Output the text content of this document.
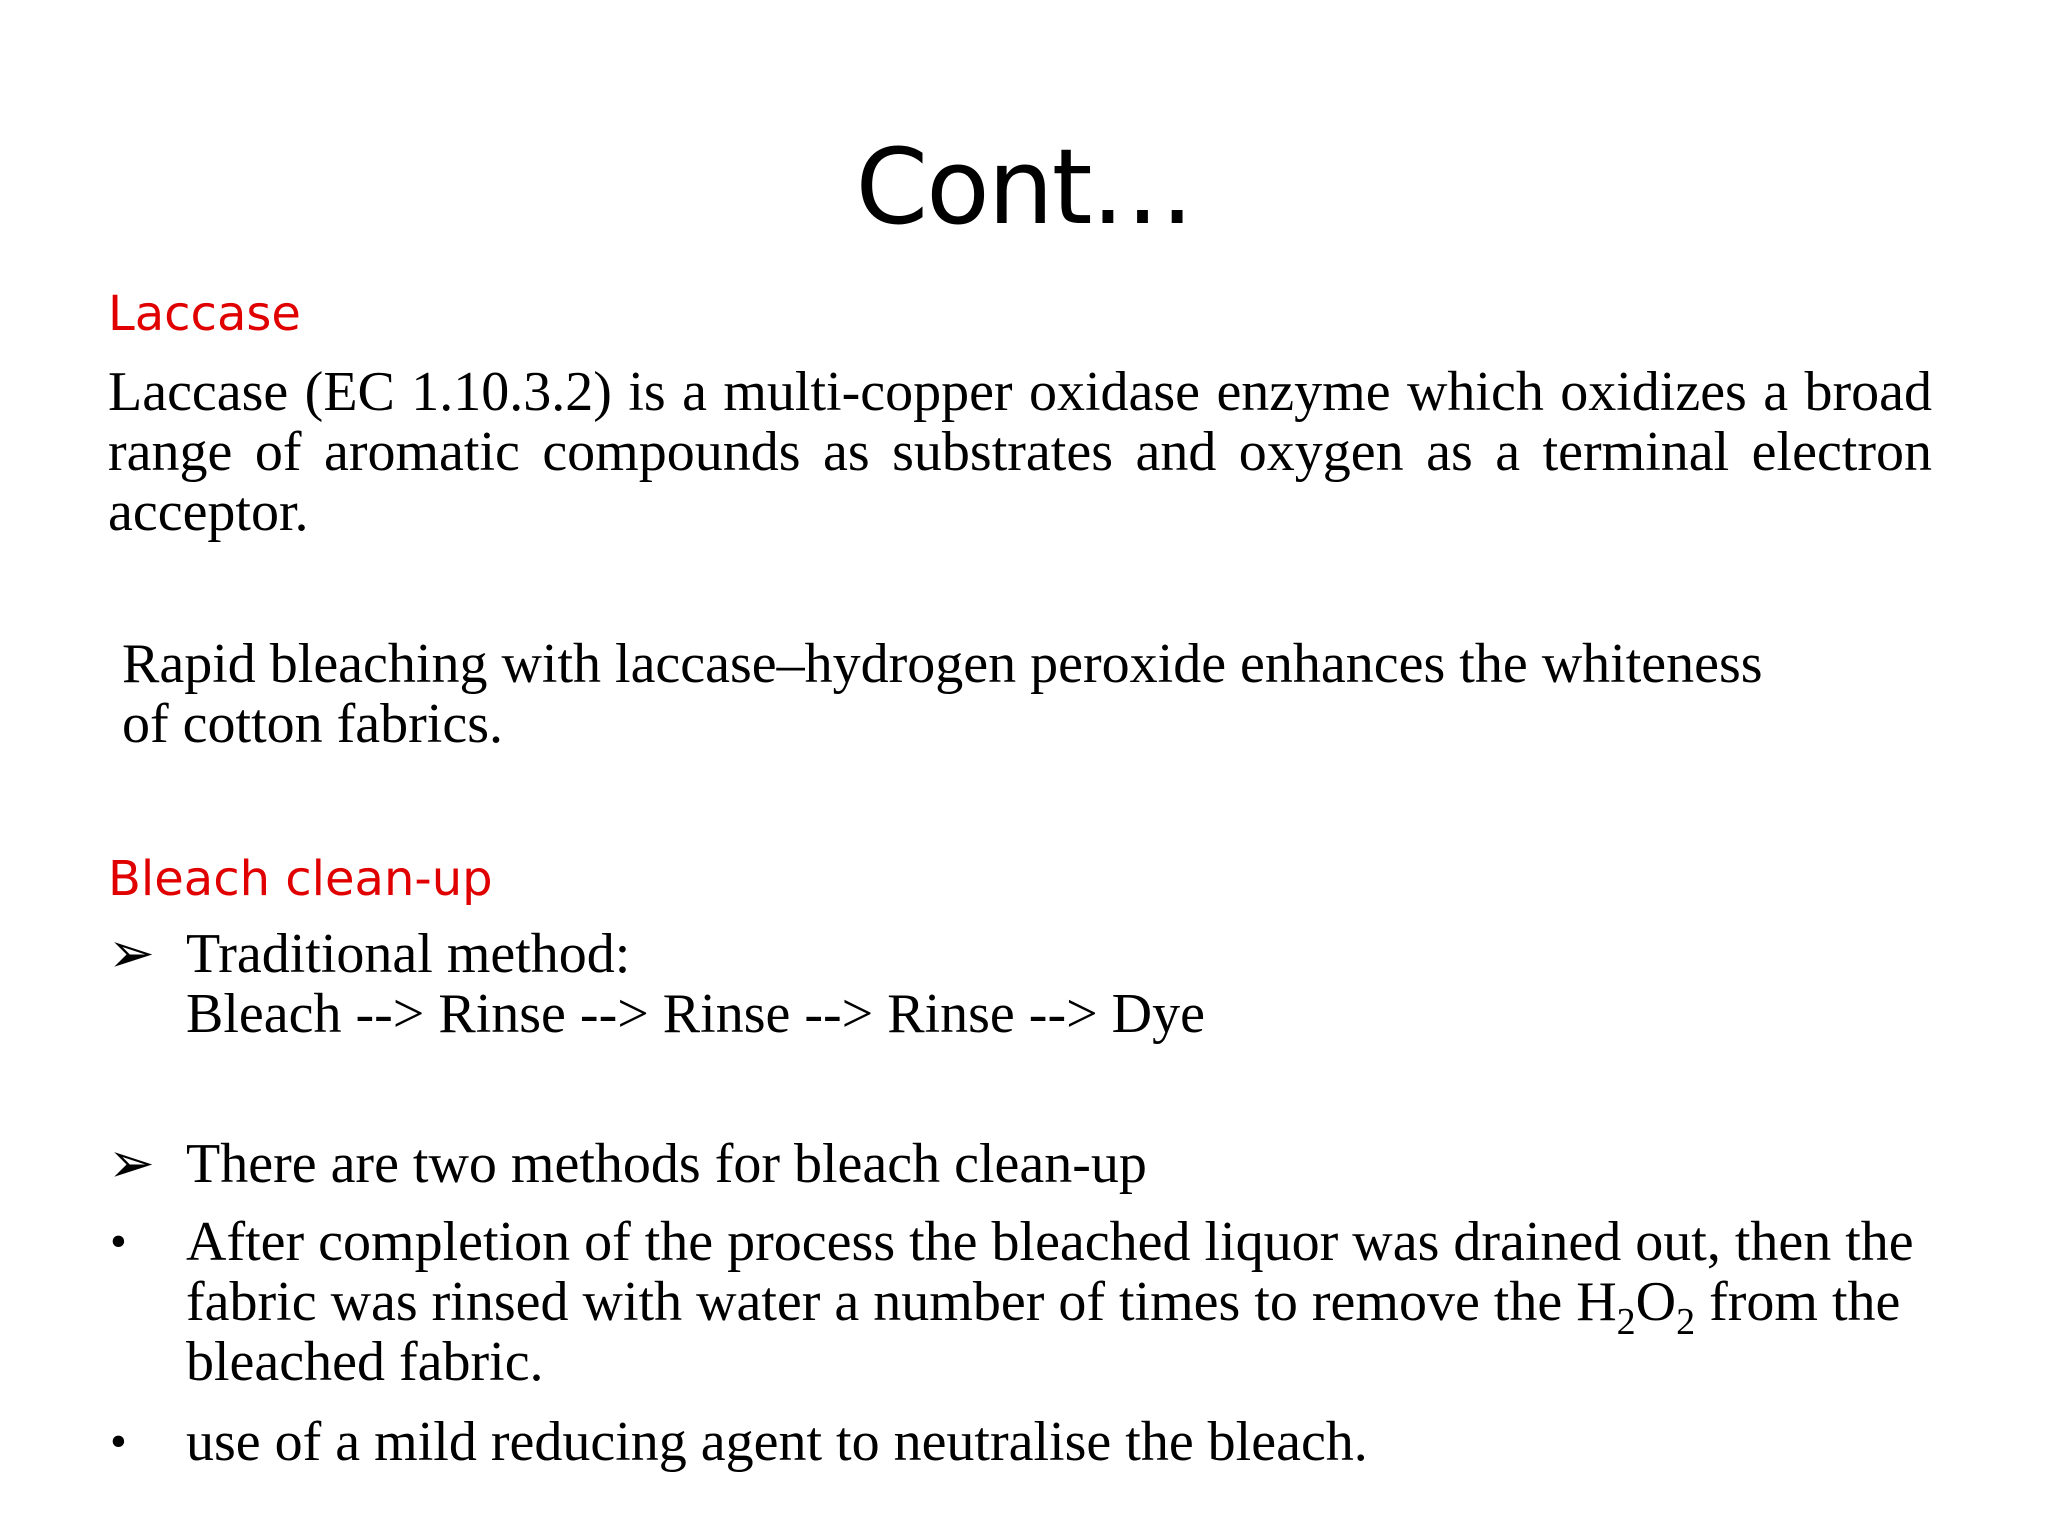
Cont…
Laccase
Laccase (EC 1.10.3.2) is a multi-copper oxidase enzyme which oxidizes a broad range of aromatic compounds as substrates and oxygen as a terminal electron acceptor.
Rapid bleaching with laccase–hydrogen peroxide enhances the whiteness of cotton fabrics.
Bleach clean-up
➢ Traditional method:
Bleach --> Rinse --> Rinse --> Rinse --> Dye
➢ There are two methods for bleach clean-up
•	After completion of the process the bleached liquor was drained out, then the fabric was rinsed with water a number of times to remove the $H_2O_2$ from the bleached fabric.
•	use of a mild reducing agent to neutralise the bleach.
